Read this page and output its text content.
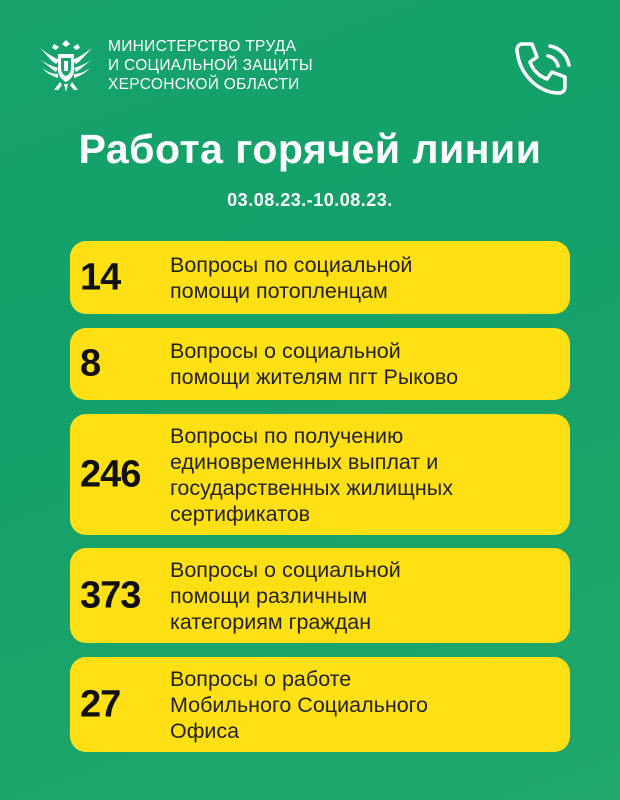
МИНИСТЕРСТВО ТРУДА
И СОЦИАЛЬНОЙ ЗАЩИТЫ
ХЕРСОНСКОЙ ОБЛАСТИ
Работа горячей линии
03.08.23.-10.08.23.
14 Вопросы по социальной
помощи потопленцам
8	Вопросы о социальной
помощи жителям пгт Рыково
246
Вопросы по получению
единовременных выплат и
государственных жилищных
сертификатов
373
Вопросы о социальной
помощи различным
категориям граждан
27
Вопросы о работе
Мобильного Социального
Офиса
